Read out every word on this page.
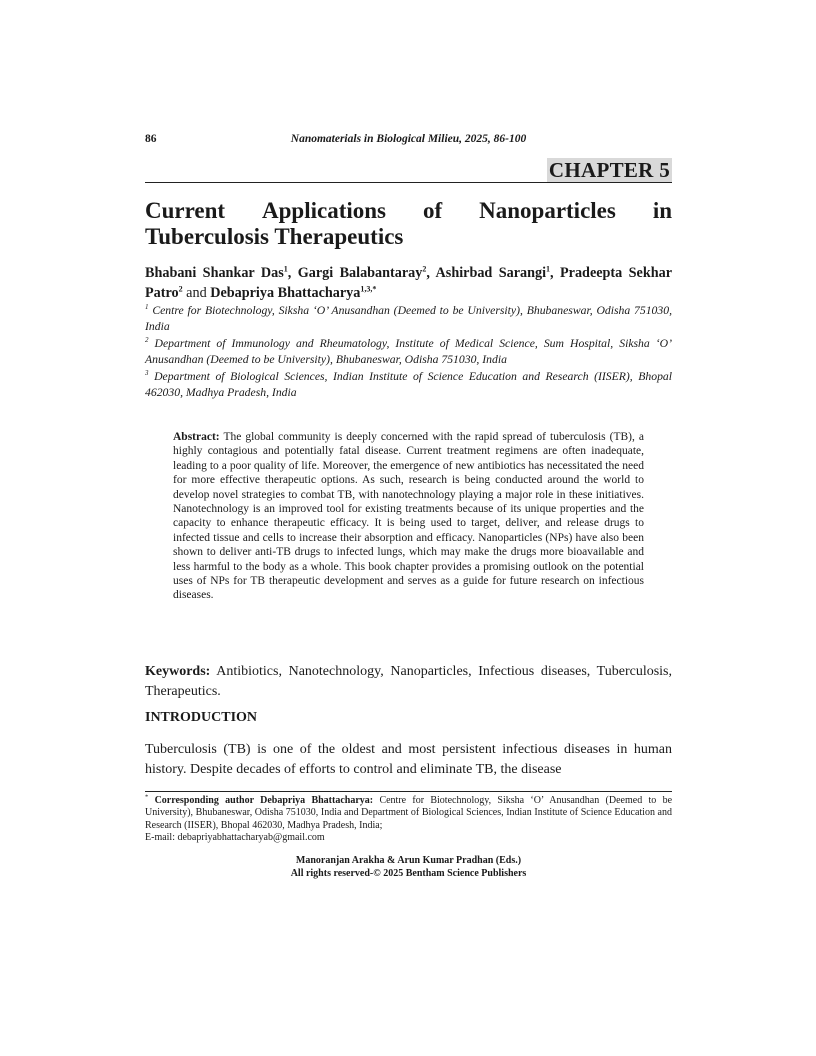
86	Nanomaterials in Biological Milieu, 2025, 86-100
CHAPTER 5
Current Applications of Nanoparticles in
Tuberculosis Therapeutics
Bhabani Shankar Das$^1$, Gargi Balabantaray$^2$, Ashirbad Sarangi$^1$, Pradeepta Sekhar Patro$^2$ and Debapriya Bhattacharya$^{1,3,*}$
$^1$ Centre for Biotechnology, Siksha ‘O’ Anusandhan (Deemed to be University), Bhubaneswar, Odisha 751030, India
$^2$ Department of Immunology and Rheumatology, Institute of Medical Science, Sum Hospital, Siksha ‘O’ Anusandhan (Deemed to be University), Bhubaneswar, Odisha 751030, India
$^3$ Department of Biological Sciences, Indian Institute of Science Education and Research (IISER), Bhopal 462030, Madhya Pradesh, India
Abstract: The global community is deeply concerned with the rapid spread of tuberculosis (TB), a highly contagious and potentially fatal disease. Current treatment regimens are often inadequate, leading to a poor quality of life. Moreover, the emergence of new antibiotics has necessitated the need for more effective therapeutic options. As such, research is being conducted around the world to develop novel strategies to combat TB, with nanotechnology playing a major role in these initiatives. Nanotechnology is an improved tool for existing treatments because of its unique properties and the capacity to enhance therapeutic efficacy. It is being used to target, deliver, and release drugs to infected tissue and cells to increase their absorption and efficacy. Nanoparticles (NPs) have also been shown to deliver anti-TB drugs to infected lungs, which may make the drugs more bioavailable and less harmful to the body as a whole. This book chapter provides a promising outlook on the potential uses of NPs for TB therapeutic development and serves as a guide for future research on infectious diseases.
Keywords: Antibiotics, Nanotechnology, Nanoparticles, Infectious diseases, Tuberculosis, Therapeutics.
INTRODUCTION
Tuberculosis (TB) is one of the oldest and most persistent infectious diseases in human history. Despite decades of efforts to control and eliminate TB, the disease
* Corresponding author Debapriya Bhattacharya: Centre for Biotechnology, Siksha ‘O’ Anusandhan (Deemed to be University), Bhubaneswar, Odisha 751030, India and Department of Biological Sciences, Indian Institute of Science Education and Research (IISER), Bhopal 462030, Madhya Pradesh, India;
E-mail: debapriyabhattacharyab@gmail.com
Manoranjan Arakha & Arun Kumar Pradhan (Eds.)
All rights reserved-© 2025 Bentham Science Publishers
